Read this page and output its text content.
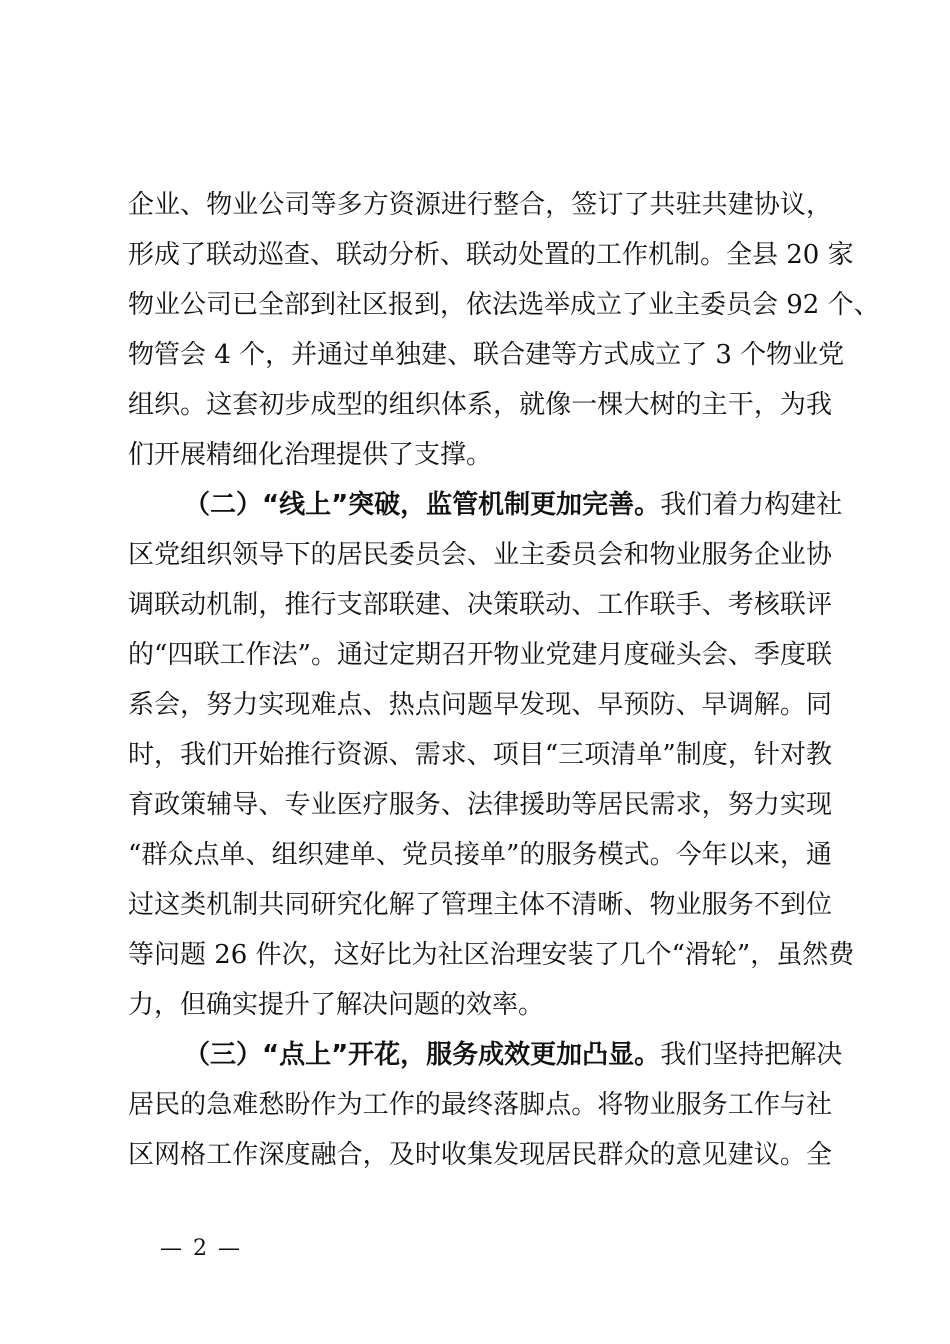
企业、物业公司等多方资源进行整合，签订了共驻共建协议，
形成了联动巡查、联动分析、联动处置的工作机制。全县 20 家
物业公司已全部到社区报到，依法选举成立了业主委员会 92 个、
物管会 4 个，并通过单独建、联合建等方式成立了 3 个物业党
组织。这套初步成型的组织体系，就像一棵大树的主干，为我
们开展精细化治理提供了支撑。
（二）“线上”突破，监管机制更加完善。我们着力构建社
区党组织领导下的居民委员会、业主委员会和物业服务企业协
调联动机制，推行支部联建、决策联动、工作联手、考核联评
的“四联工作法”。通过定期召开物业党建月度碰头会、季度联
系会，努力实现难点、热点问题早发现、早预防、早调解。同
时，我们开始推行资源、需求、项目“三项清单”制度，针对教
育政策辅导、专业医疗服务、法律援助等居民需求，努力实现
“群众点单、组织建单、党员接单”的服务模式。今年以来，通
过这类机制共同研究化解了管理主体不清晰、物业服务不到位
等问题 26 件次，这好比为社区治理安装了几个“滑轮”，虽然费
力，但确实提升了解决问题的效率。
（三）“点上”开花，服务成效更加凸显。我们坚持把解决
居民的急难愁盼作为工作的最终落脚点。将物业服务工作与社
区网格工作深度融合，及时收集发现居民群众的意见建议。全
— 2 —
